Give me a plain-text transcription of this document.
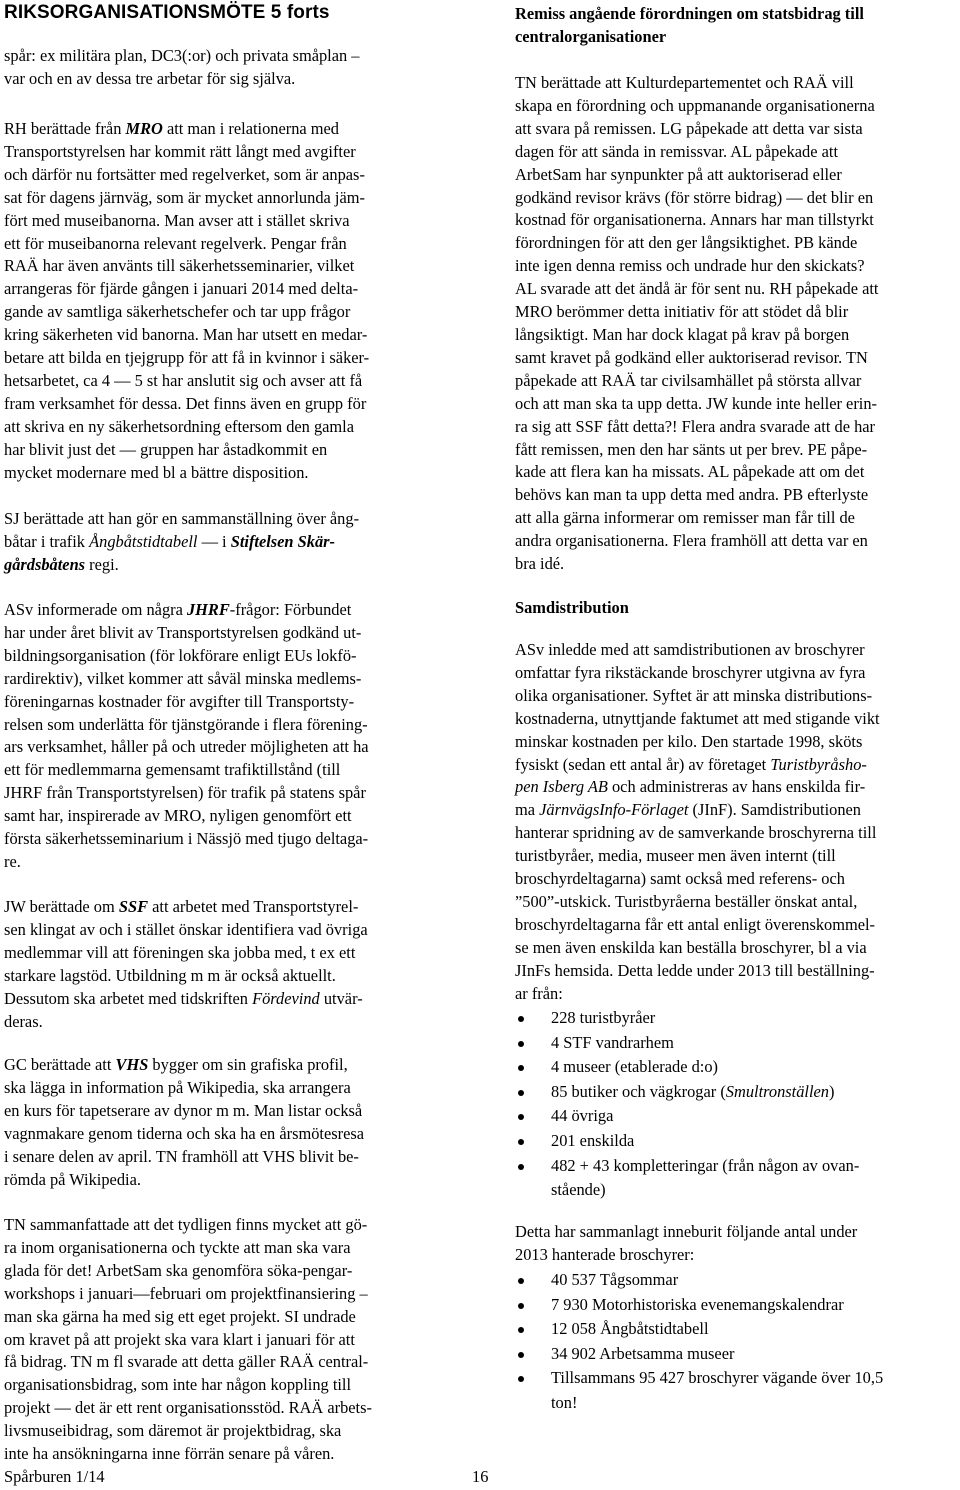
RIKSORGANISATIONSMÖTE 5 forts
spår: ex militära plan, DC3(:or) och privata småplan –
var och en av dessa tre arbetar för sig själva.
RH berättade från MRO att man i relationerna med
Transportstyrelsen har kommit rätt långt med avgifter
och därför nu fortsätter med regelverket, som är anpas-
sat för dagens järnväg, som är mycket annorlunda jäm-
fört med museibanorna. Man avser att i stället skriva
ett för museibanorna relevant regelverk. Pengar från
RAÄ har även använts till säkerhetsseminarier, vilket
arrangeras för fjärde gången i januari 2014 med delta-
gande av samtliga säkerhetschefer och tar upp frågor
kring säkerheten vid banorna. Man har utsett en medar-
betare att bilda en tjejgrupp för att få in kvinnor i säker-
hetsarbetet, ca 4 — 5 st har anslutit sig och avser att få
fram verksamhet för dessa. Det finns även en grupp för
att skriva en ny säkerhetsordning eftersom den gamla
har blivit just det — gruppen har åstadkommit en
mycket modernare med bl a bättre disposition.
SJ berättade att han gör en sammanställning över ång-
båtar i trafik Ångbåtstidtabell — i Stiftelsen Skär-
gårdsbåtens regi.
ASv informerade om några JHRF-frågor: Förbundet
har under året blivit av Transportstyrelsen godkänd ut-
bildningsorganisation (för lokförare enligt EUs lokfö-
rardirektiv), vilket kommer att såväl minska medlems-
föreningarnas kostnader för avgifter till Transportsty-
relsen som underlätta för tjänstgörande i flera förening-
ars verksamhet, håller på och utreder möjligheten att ha
ett för medlemmarna gemensamt trafiktillstånd (till
JHRF från Transportstyrelsen) för trafik på statens spår
samt har, inspirerade av MRO, nyligen genomfört ett
första säkerhetsseminarium i Nässjö med tjugo deltaga-
re.
JW berättade om SSF att arbetet med Transportstyrel-
sen klingat av och i stället önskar identifiera vad övriga
medlemmar vill att föreningen ska jobba med, t ex ett
starkare lagstöd. Utbildning m m är också aktuellt.
Dessutom ska arbetet med tidskriften Fördevind utvär-
deras.
GC berättade att VHS bygger om sin grafiska profil,
ska lägga in information på Wikipedia, ska arrangera
en kurs för tapetserare av dynor m m. Man listar också
vagnmakare genom tiderna och ska ha en årsmötesresa
i senare delen av april. TN framhöll att VHS blivit be-
römda på Wikipedia.
TN sammanfattade att det tydligen finns mycket att gö-
ra inom organisationerna och tyckte att man ska vara
glada för det! ArbetSam ska genomföra söka-pengar-
workshops i januari—februari om projektfinansiering –
man ska gärna ha med sig ett eget projekt. SI undrade
om kravet på att projekt ska vara klart i januari för att
få bidrag. TN m fl svarade att detta gäller RAÄ central-
organisationsbidrag, som inte har någon koppling till
projekt — det är ett rent organisationsstöd. RAÄ arbets-
livsmuseibidrag, som däremot är projektbidrag, ska
inte ha ansökningarna inne förrän senare på våren.
Remiss angående förordningen om statsbidrag till
centralorganisationer
TN berättade att Kulturdepartementet och RAÄ vill
skapa en förordning och uppmanande organisationerna
att svara på remissen. LG påpekade att detta var sista
dagen för att sända in remissvar. AL påpekade att
ArbetSam har synpunkter på att auktoriserad eller
godkänd revisor krävs (för större bidrag) — det blir en
kostnad för organisationerna. Annars har man tillstyrkt
förordningen för att den ger långsiktighet. PB kände
inte igen denna remiss och undrade hur den skickats?
AL svarade att det ändå är för sent nu. RH påpekade att
MRO berömmer detta initiativ för att stödet då blir
långsiktigt. Man har dock klagat på krav på borgen
samt kravet på godkänd eller auktoriserad revisor. TN
påpekade att RAÄ tar civilsamhället på största allvar
och att man ska ta upp detta. JW kunde inte heller erin-
ra sig att SSF fått detta?! Flera andra svarade att de har
fått remissen, men den har sänts ut per brev. PE påpe-
kade att flera kan ha missats. AL påpekade att om det
behövs kan man ta upp detta med andra. PB efterlyste
att alla gärna informerar om remisser man får till de
andra organisationerna. Flera framhöll att detta var en
bra idé.
Samdistribution
ASv inledde med att samdistributionen av broschyrer
omfattar fyra rikstäckande broschyrer utgivna av fyra
olika organisationer. Syftet är att minska distributions-
kostnaderna, utnyttjande faktumet att med stigande vikt
minskar kostnaden per kilo. Den startade 1998, sköts
fysiskt (sedan ett antal år) av företaget Turistbyråsho-
pen Isberg AB och administreras av hans enskilda fir-
ma JärnvägsInfo-Förlaget (JInF). Samdistributionen
hanterar spridning av de samverkande broschyrerna till
turistbyråer, media, museer men även internt (till
broschyrdeltagarna) samt också med referens- och
”500”-utskick. Turistbyråerna beställer önskat antal,
broschyrdeltagarna får ett antal enligt överenskommel-
se men även enskilda kan beställa broschyrer, bl a via
JInFs hemsida. Detta ledde under 2013 till beställning-
ar från:
228 turistbyråer
4 STF vandrarhem
4 museer (etablerade d:o)
85 butiker och vägkrogar (Smultronställen)
44 övriga
201 enskilda
482 + 43 kompletteringar (från någon av ovan-
stående)
Detta har sammanlagt inneburit följande antal under
2013 hanterade broschyrer:
40 537 Tågsommar
7 930 Motorhistoriska evenemangskalendrar
12 058 Ångbåtstidtabell
34 902 Arbetsamma museer
Tillsammans 95 427 broschyrer vägande över 10,5
ton!
Spårburen 1/14	16
